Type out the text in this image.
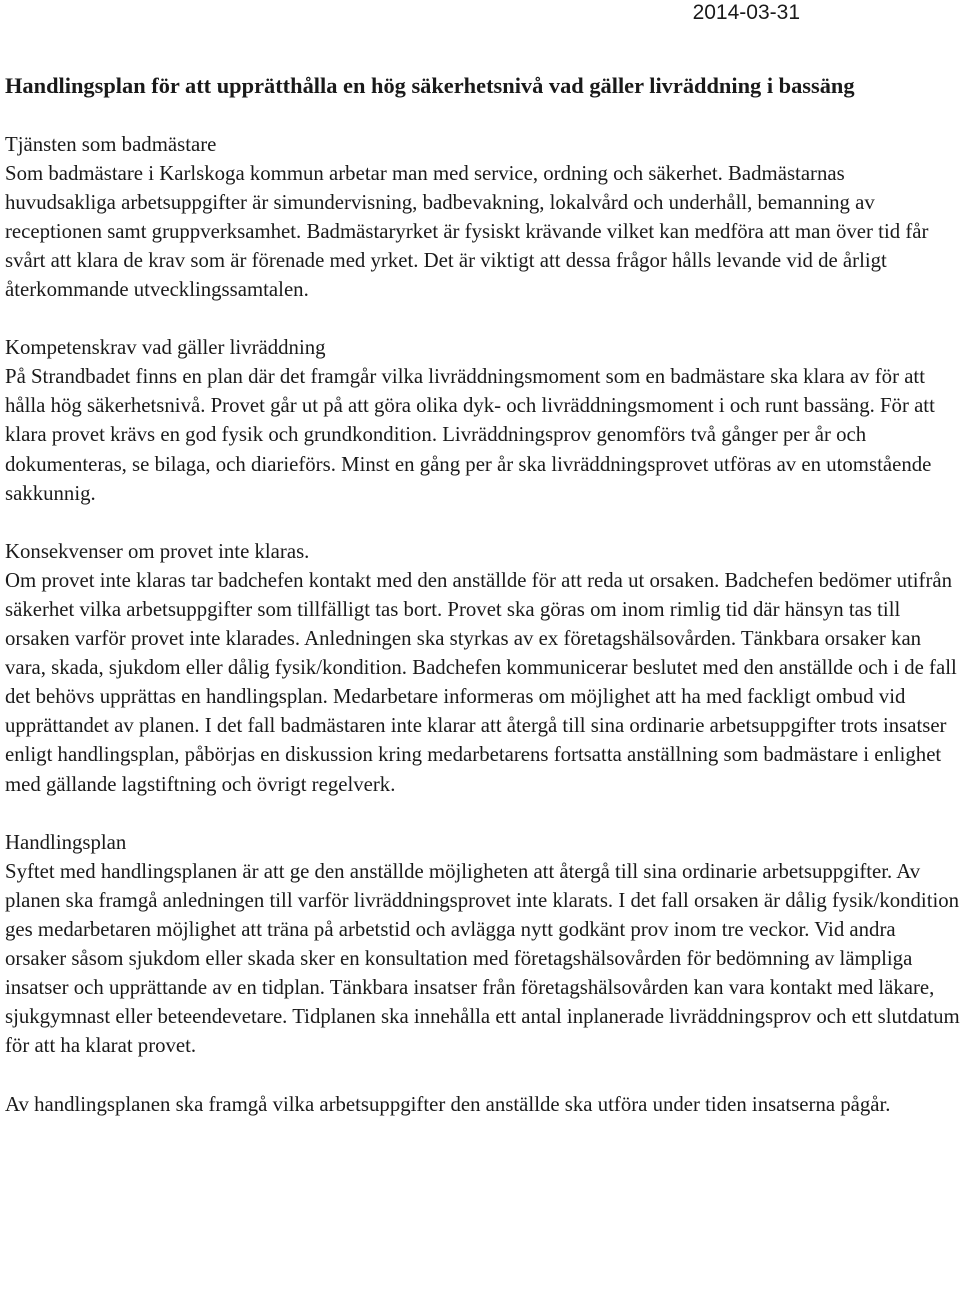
2014-03-31
Handlingsplan för att upprätthålla en hög säkerhetsnivå vad gäller livräddning i bassäng

Tjänsten som badmästare

Som badmästare i Karlskoga kommun arbetar man med service, ordning och säkerhet. Badmästarnas huvudsakliga arbetsuppgifter är simundervisning, badbevakning, lokalvård och underhåll, bemanning av receptionen samt gruppverksamhet. Badmästaryrket är fysiskt krävande vilket kan medföra att man över tid får svårt att klara de krav som är förenade med yrket. Det är viktigt att dessa frågor hålls levande vid de årligt återkommande utvecklingssamtalen.

Kompetenskrav vad gäller livräddning

På Strandbadet finns en plan där det framgår vilka livräddningsmoment som en badmästare ska klara av för att hålla hög säkerhetsnivå. Provet går ut på att göra olika dyk- och livräddningsmoment i och runt bassäng. För att klara provet krävs en god fysik och grundkondition. Livräddningsprov genomförs två gånger per år och dokumenteras, se bilaga, och diarieförs. Minst en gång per år ska livräddningsprovet utföras av en utomstående sakkunnig.

Konsekvenser om provet inte klaras.

Om provet inte klaras tar badchefen kontakt med den anställde för att reda ut orsaken. Badchefen bedömer utifrån säkerhet vilka arbetsuppgifter som tillfälligt tas bort. Provet ska göras om inom rimlig tid där hänsyn tas till orsaken varför provet inte klarades. Anledningen ska styrkas av ex företagshälsovården. Tänkbara orsaker kan vara, skada, sjukdom eller dålig fysik/kondition. Badchefen kommunicerar beslutet med den anställde och i de fall det behövs upprättas en handlingsplan. Medarbetare informeras om möjlighet att ha med fackligt ombud vid upprättandet av planen. I det fall badmästaren inte klarar att återgå till sina ordinarie arbetsuppgifter trots insatser enligt handlingsplan, påbörjas en diskussion kring medarbetarens fortsatta anställning som badmästare i enlighet med gällande lagstiftning och övrigt regelverk.

Handlingsplan

Syftet med handlingsplanen är att ge den anställde möjligheten att återgå till sina ordinarie arbetsuppgifter. Av planen ska framgå anledningen till varför livräddningsprovet inte klarats. I det fall orsaken är dålig fysik/kondition ges medarbetaren möjlighet att träna på arbetstid och avlägga nytt godkänt prov inom tre veckor. Vid andra orsaker såsom sjukdom eller skada sker en konsultation med företagshälsovården för bedömning av lämpliga insatser och upprättande av en tidplan. Tänkbara insatser från företagshälsovården kan vara kontakt med läkare, sjukgymnast eller beteendevetare. Tidplanen ska innehålla ett antal inplanerade livräddningsprov och ett slutdatum för att ha klarat provet.

Av handlingsplanen ska framgå vilka arbetsuppgifter den anställde ska utföra under tiden insatserna pågår.
